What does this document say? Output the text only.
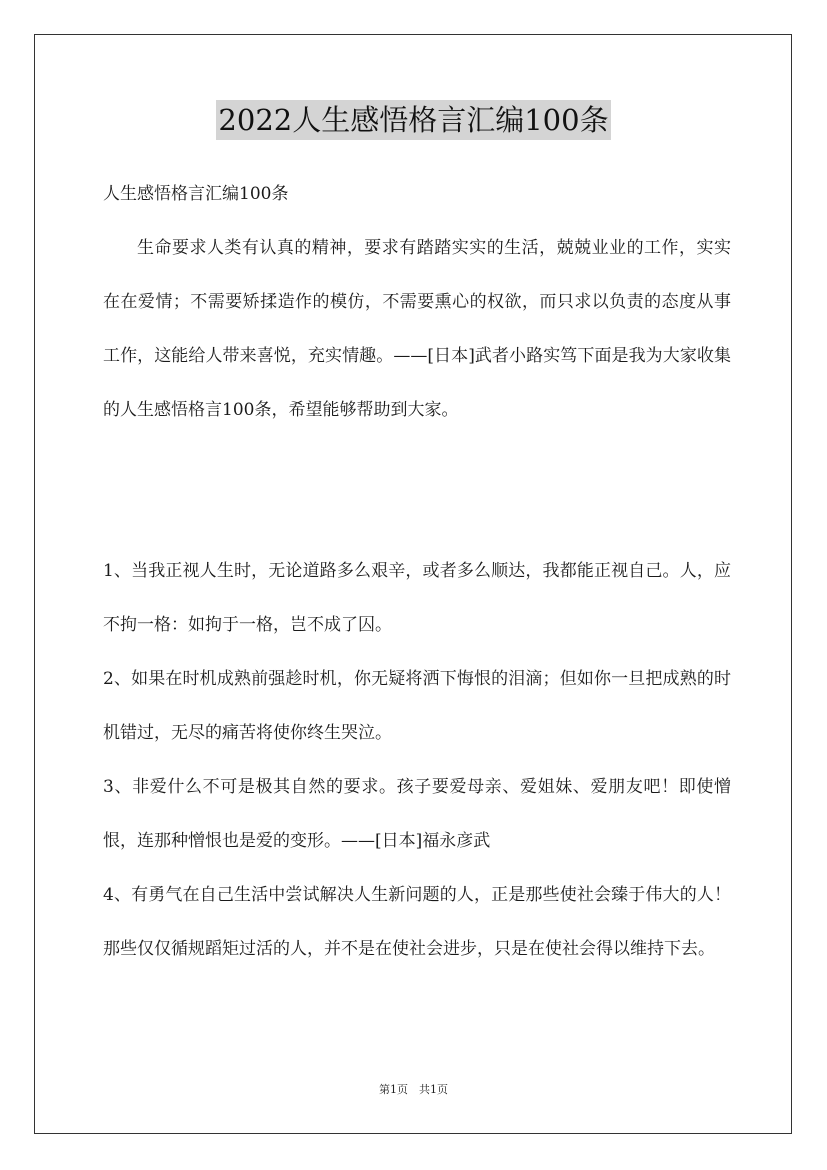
2022人生感悟格言汇编100条
人生感悟格言汇编100条

生命要求人类有认真的精神，要求有踏踏实实的生活，兢兢业业的工作，实实在在爱情；不需要矫揉造作的模仿，不需要熏心的权欲，而只求以负责的态度从事工作，这能给人带来喜悦，充实情趣。——[日本]武者小路实笃下面是我为大家收集的人生感悟格言100条，希望能够帮助到大家。

1、当我正视人生时，无论道路多么艰辛，或者多么顺达，我都能正视自己。人，应不拘一格：如拘于一格，岂不成了囚。
2、如果在时机成熟前强趁时机，你无疑将洒下悔恨的泪滴；但如你一旦把成熟的时机错过，无尽的痛苦将使你终生哭泣。
3、非爱什么不可是极其自然的要求。孩子要爱母亲、爱姐妹、爱朋友吧！即使憎恨，连那种憎恨也是爱的变形。——[日本]福永彦武
4、有勇气在自己生活中尝试解决人生新问题的人，正是那些使社会臻于伟大的人！那些仅仅循规蹈矩过活的人，并不是在使社会进步，只是在使社会得以维持下去。
第1页　共1页
